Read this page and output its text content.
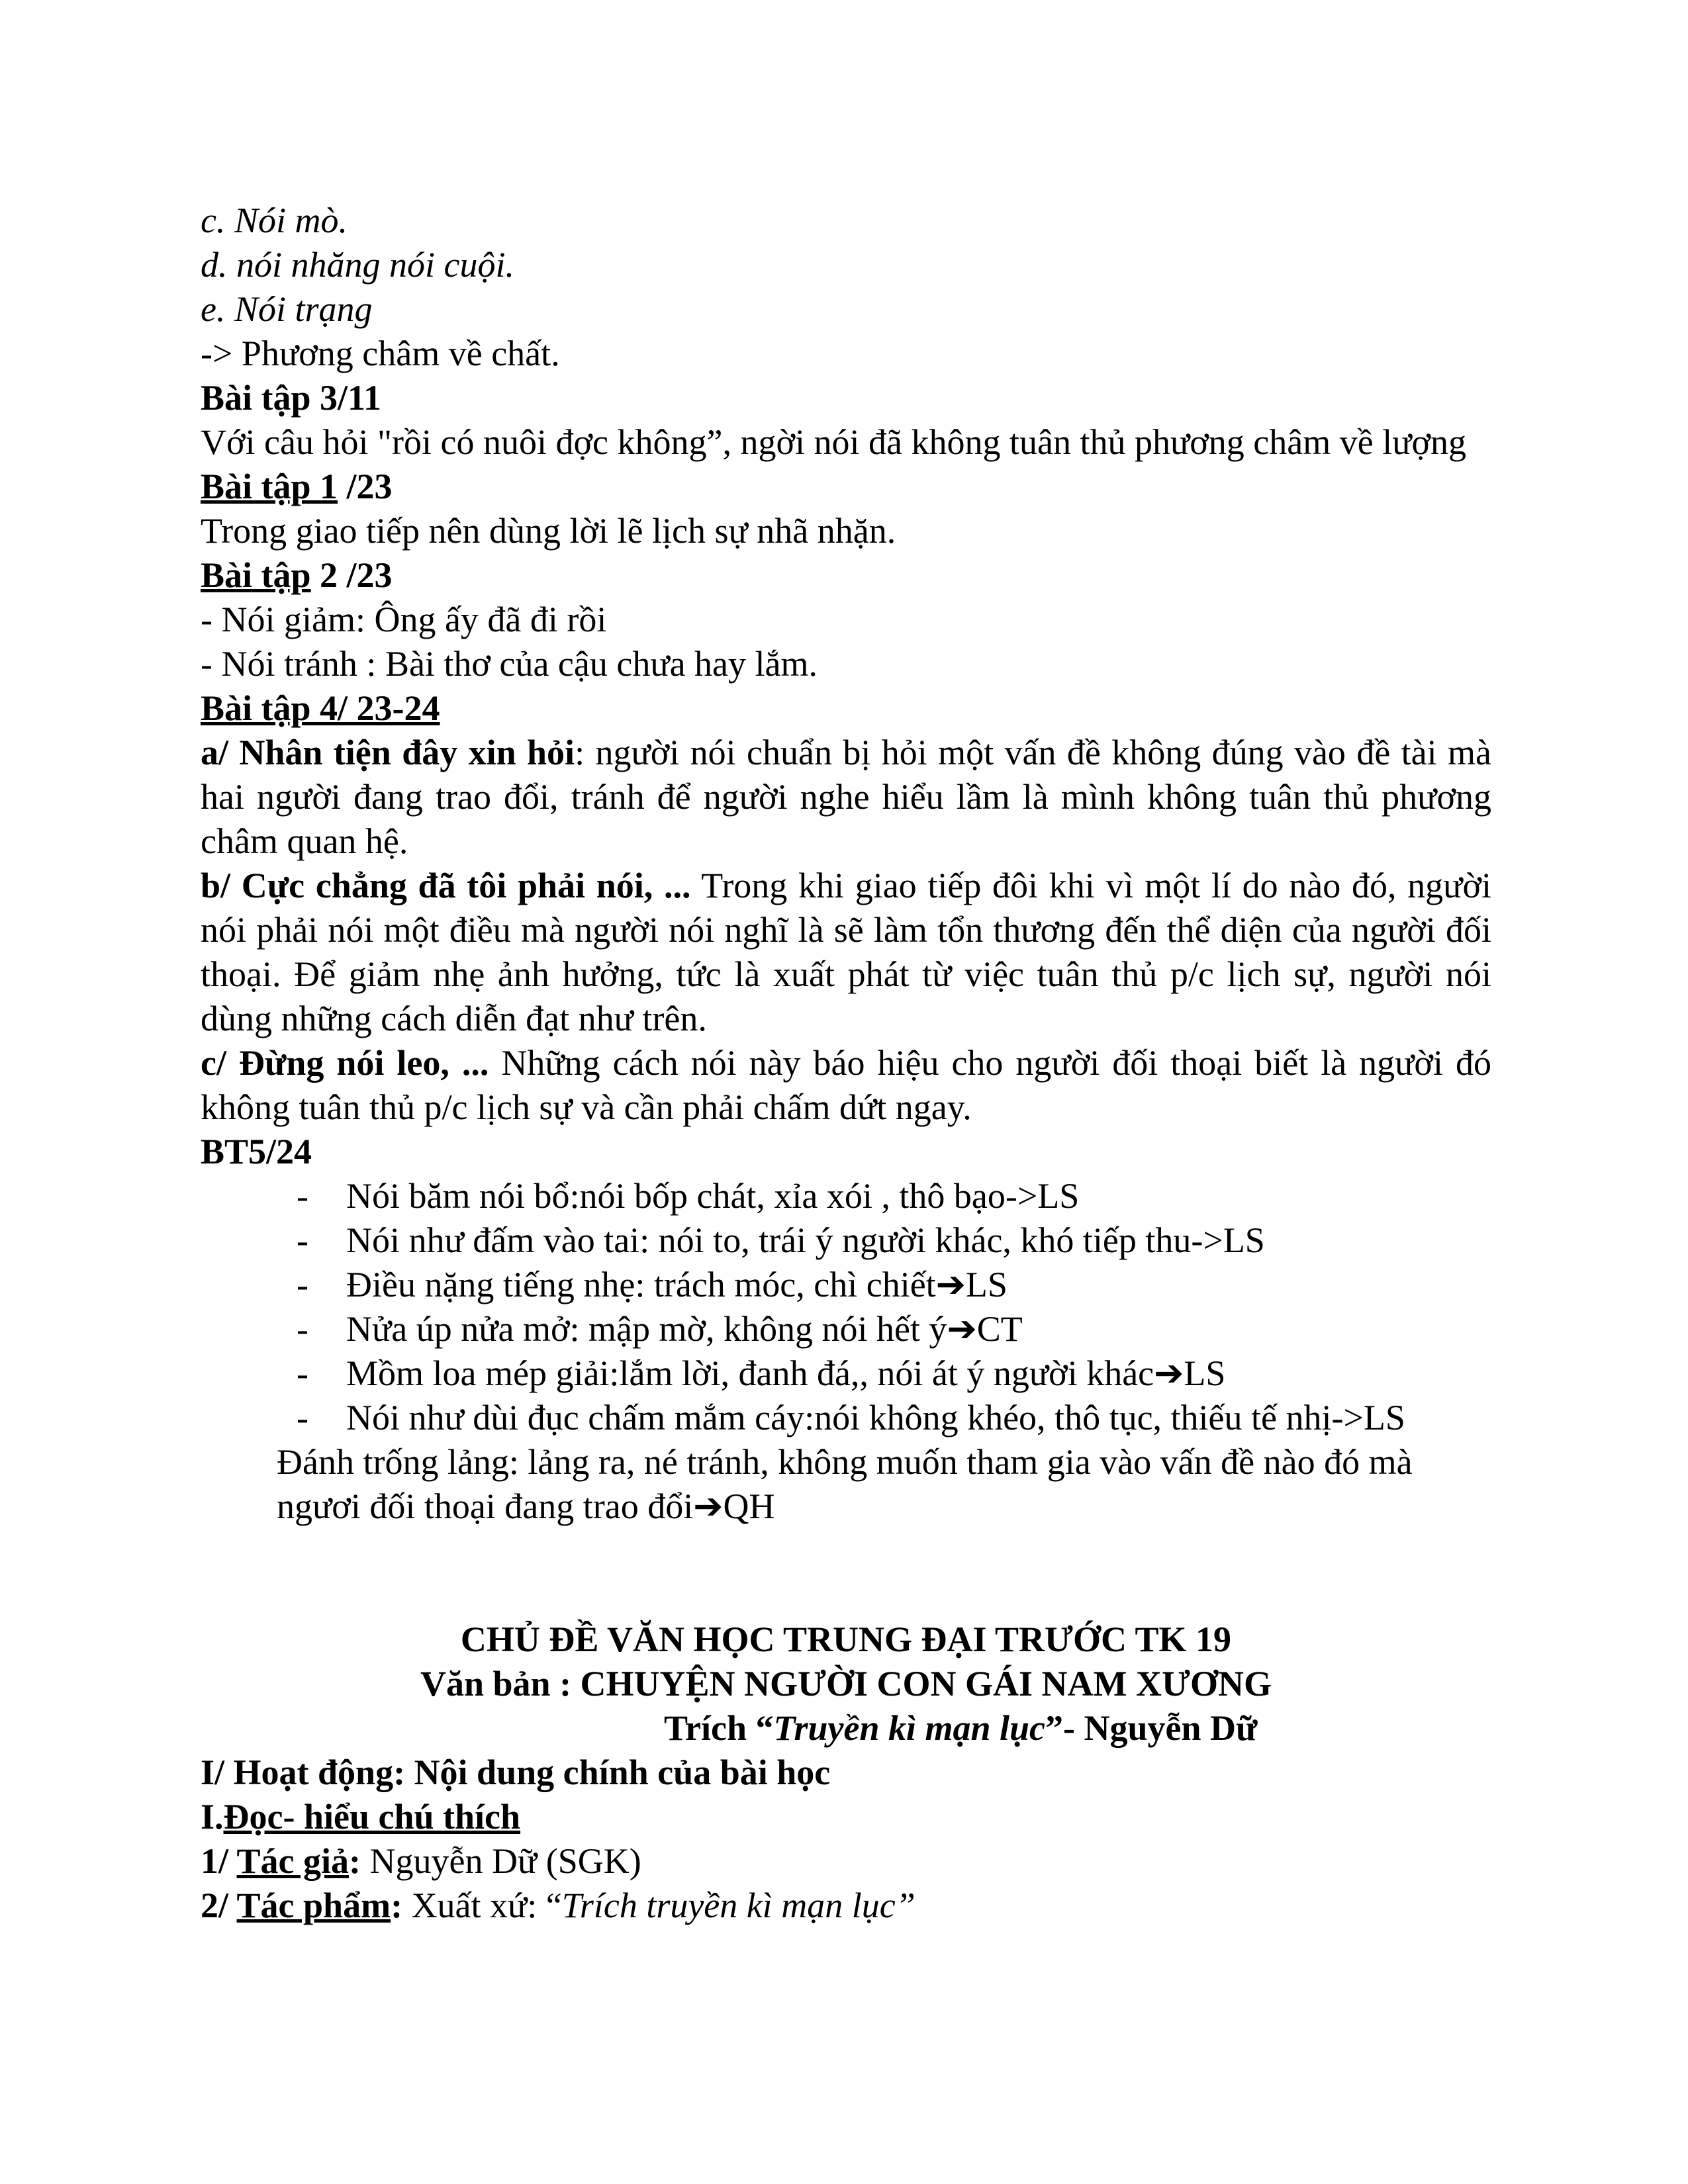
c. Nói mò.

d. nói nhăng nói cuội.

e. Nói trạng

-> Phương châm về chất.

Bài tập 3/11

Với câu hỏi "rồi có nuôi đợc không”, ngời nói đã không tuân thủ phương châm về lượng

Bài tập 1 /23

Trong giao tiếp nên dùng lời lẽ lịch sự nhã nhặn.

Bài tập 2 /23

- Nói giảm: Ông ấy đã đi rồi

- Nói tránh : Bài thơ của cậu chưa hay lắm.

Bài tập 4/ 23-24

a/ Nhân tiện đây xin hỏi: người nói chuẩn bị hỏi một vấn đề không đúng vào đề tài mà hai người đang trao đổi, tránh để người nghe hiểu lầm là mình không tuân thủ phương châm quan hệ.

b/ Cực chẳng đã tôi phải nói, ... Trong khi giao tiếp đôi khi vì một lí do nào đó, người nói phải nói một điều mà người nói nghĩ là sẽ làm tổn thương đến thể diện của người đối thoại. Để giảm nhẹ ảnh hưởng, tức là xuất phát từ việc tuân thủ p/c lịch sự, người nói dùng những cách diễn đạt như trên.

c/ Đừng nói leo, ... Những cách nói này báo hiệu cho người đối thoại biết là người đó không tuân thủ p/c lịch sự và cần phải chấm dứt ngay.

BT5/24

- Nói băm nói bổ:nói bốp chát, xỉa xói , thô bạo->LS
- Nói như đấm vào tai: nói to, trái ý người khác, khó tiếp thu->LS
- Điều nặng tiếng nhẹ: trách móc, chì chiết➔LS
- Nửa úp nửa mở: mập mờ, không nói hết ý➔CT
- Mồm loa mép giải:lắm lời, đanh đá,, nói át ý người khác➔LS
- Nói như dùi đục chấm mắm cáy:nói không khéo, thô tục, thiếu tế nhị->LS

Đánh trống lảng: lảng ra, né tránh, không muốn tham gia vào vấn đề nào đó mà

ngươi đối thoại đang trao đổi➔QH

CHỦ ĐỀ VĂN HỌC TRUNG ĐẠI TRƯỚC TK 19

Văn bản : CHUYỆN NGƯỜI CON GÁI NAM XƯƠNG

Trích “Truyền kì mạn lục”- Nguyễn Dữ

I/ Hoạt động: Nội dung chính của bài học

I.Đọc- hiểu chú thích

1/ Tác giả: Nguyễn Dữ (SGK)

2/ Tác phẩm: Xuất xứ: “Trích truyền kì mạn lục”
